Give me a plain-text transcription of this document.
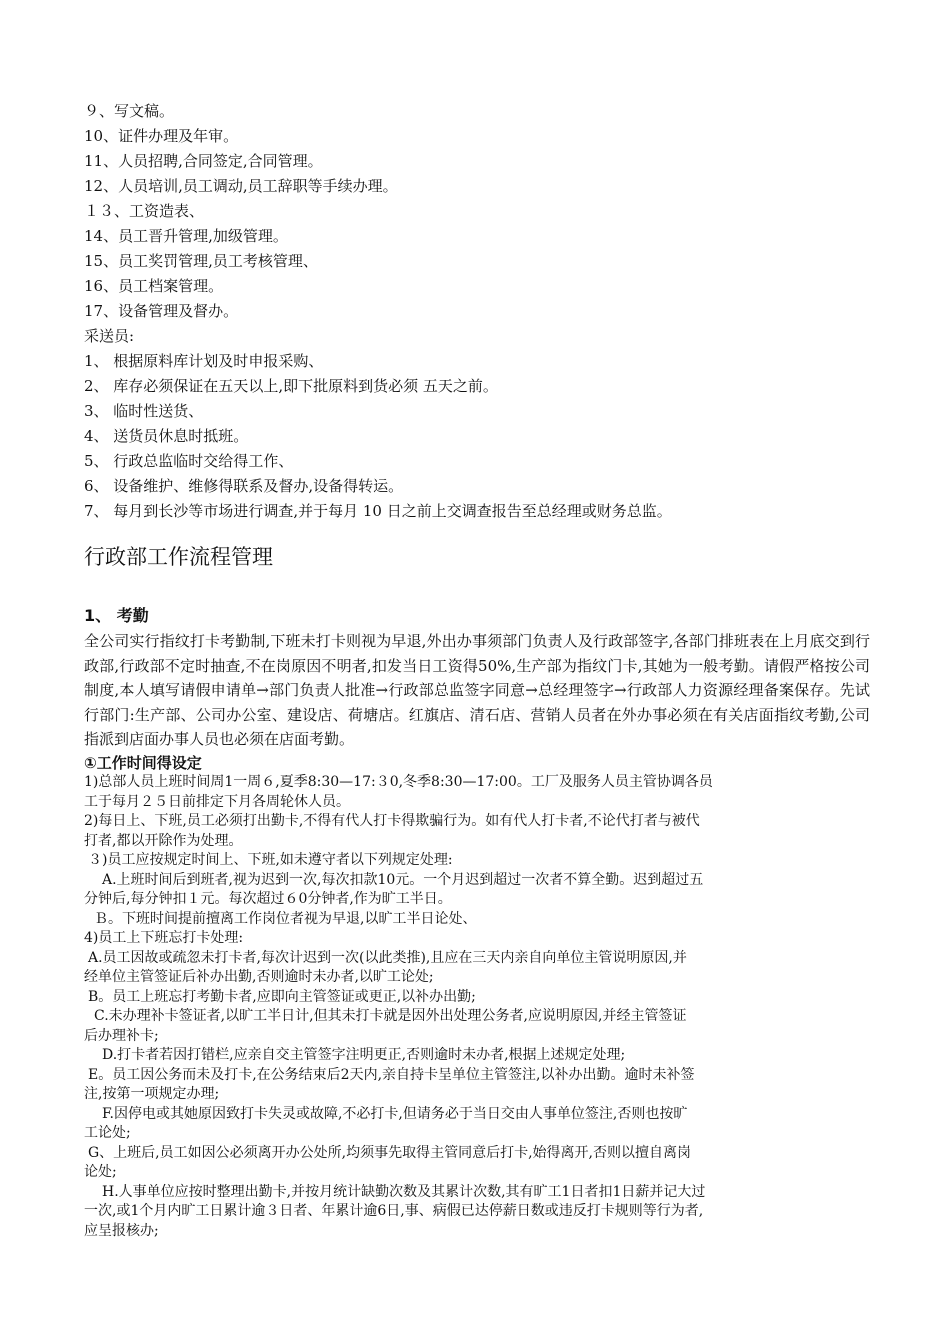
９、写文稿。
10、证件办理及年审。
11、人员招聘,合同签定,合同管理。
12、人员培训,员工调动,员工辞职等手续办理。
１３、工资造表、
14、员工晋升管理,加级管理。
15、员工奖罚管理,员工考核管理、
16、员工档案管理。
17、设备管理及督办。
采送员:
1、 根据原料库计划及时申报采购、
2、 库存必须保证在五天以上,即下批原料到货必须 五天之前。
3、 临时性送货、
4、 送货员休息时抵班。
5、 行政总监临时交给得工作、
6、 设备维护、维修得联系及督办,设备得转运。
7、 每月到长沙等市场进行调查,并于每月 10 日之前上交调查报告至总经理或财务总监。
行政部工作流程管理
1、 考勤
全公司实行指纹打卡考勤制,下班未打卡则视为早退,外出办事须部门负责人及行政部签字,各部门排班表在上月底交到行政部,行政部不定时抽查,不在岗原因不明者,扣发当日工资得50%,生产部为指纹门卡,其她为一般考勤。请假严格按公司制度,本人填写请假申请单→部门负责人批准→行政部总监签字同意→总经理签字→行政部人力资源经理备案保存。先试行部门:生产部、公司办公室、建设店、荷塘店。红旗店、清石店、营销人员者在外办事必须在有关店面指纹考勤,公司指派到店面办事人员也必须在店面考勤。
①工作时间得设定
1)总部人员上班时间周1一周６,夏季8:30—17:３0,冬季8:30—17:00。工厂及服务人员主管协调各员
工于每月２５日前排定下月各周轮休人员。
2)每日上、下班,员工必须打出勤卡,不得有代人打卡得欺骗行为。如有代人打卡者,不论代打者与被代
打者,都以开除作为处理。
３)员工应按规定时间上、下班,如未遵守者以下列规定处理:
A.上班时间后到班者,视为迟到一次,每次扣款10元。一个月迟到超过一次者不算全勤。迟到超过五
分钟后,每分钟扣１元。每次超过６0分钟者,作为旷工半日。
Ｂ。下班时间提前擅离工作岗位者视为早退,以旷工半日论处、
4)员工上下班忘打卡处理:
A.员工因故或疏忽未打卡者,每次计迟到一次(以此类推),且应在三天内亲自向单位主管说明原因,并
经单位主管签证后补办出勤,否则逾时未办者,以旷工论处;
B。员工上班忘打考勤卡者,应即向主管签证或更正,以补办出勤;
C.未办理补卡签证者,以旷工半日计,但其未打卡就是因外出处理公务者,应说明原因,并经主管签证
后办理补卡;
D.打卡者若因打错栏,应亲自交主管签字注明更正,否则逾时未办者,根据上述规定处理;
E。员工因公务而未及打卡,在公务结束后2天内,亲自持卡呈单位主管签注,以补办出勤。逾时未补签
注,按第一项规定办理;
F.因停电或其她原因致打卡失灵或故障,不必打卡,但请务必于当日交由人事单位签注,否则也按旷
工论处;
G、上班后,员工如因公必须离开办公处所,均须事先取得主管同意后打卡,始得离开,否则以擅自离岗
论处;
H.人事单位应按时整理出勤卡,并按月统计缺勤次数及其累计次数,其有旷工1日者扣1日薪并记大过
一次,或1个月内旷工日累计逾３日者、年累计逾6日,事、病假已达停薪日数或违反打卡规则等行为者,
应呈报核办;
